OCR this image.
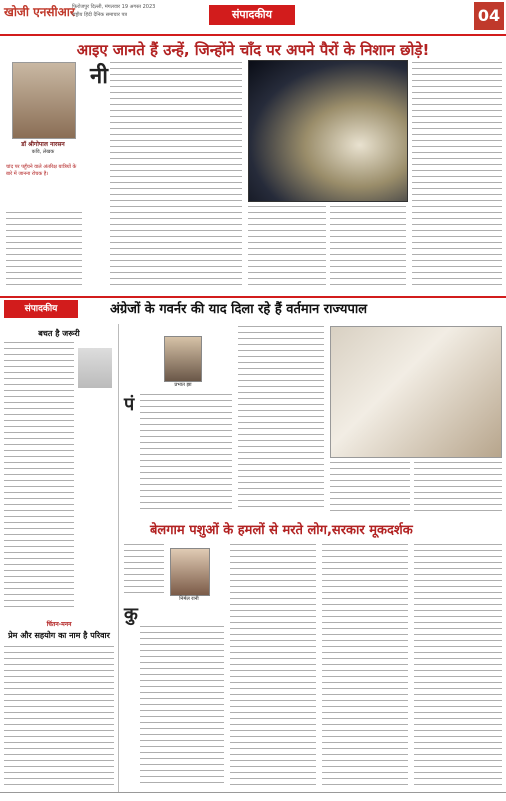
खोजी एनसीआर
फिरोजपुर दिल्ली, मंगलवार 19 अगस्त 2023
राष्ट्रीय हिंदी दैनिक समाचार पत्र	संपादकीय	04
आइए जानते हैं उन्हें, जिन्होंने चाँद पर अपने पैरों के निशान छोड़े!
डॉ श्रीगोपाल नारसन
कवि, लेखक
चांद पर पहुँचने वाले अंतरिक्ष यात्रियों के बारे में जानना रोचक है।
नी
संपादकीय	अंग्रेजों के गवर्नर की याद दिला रहे हैं वर्तमान राज्यपाल
बचत है जरूरी
पं
प्रभात झा
बेलगाम पशुओं के हमलों से मरते लोग,सरकार मूकदर्शक
निर्मल रानी
कु
चिंतन-मनन
प्रेम और सहयोग का नाम है परिवार
